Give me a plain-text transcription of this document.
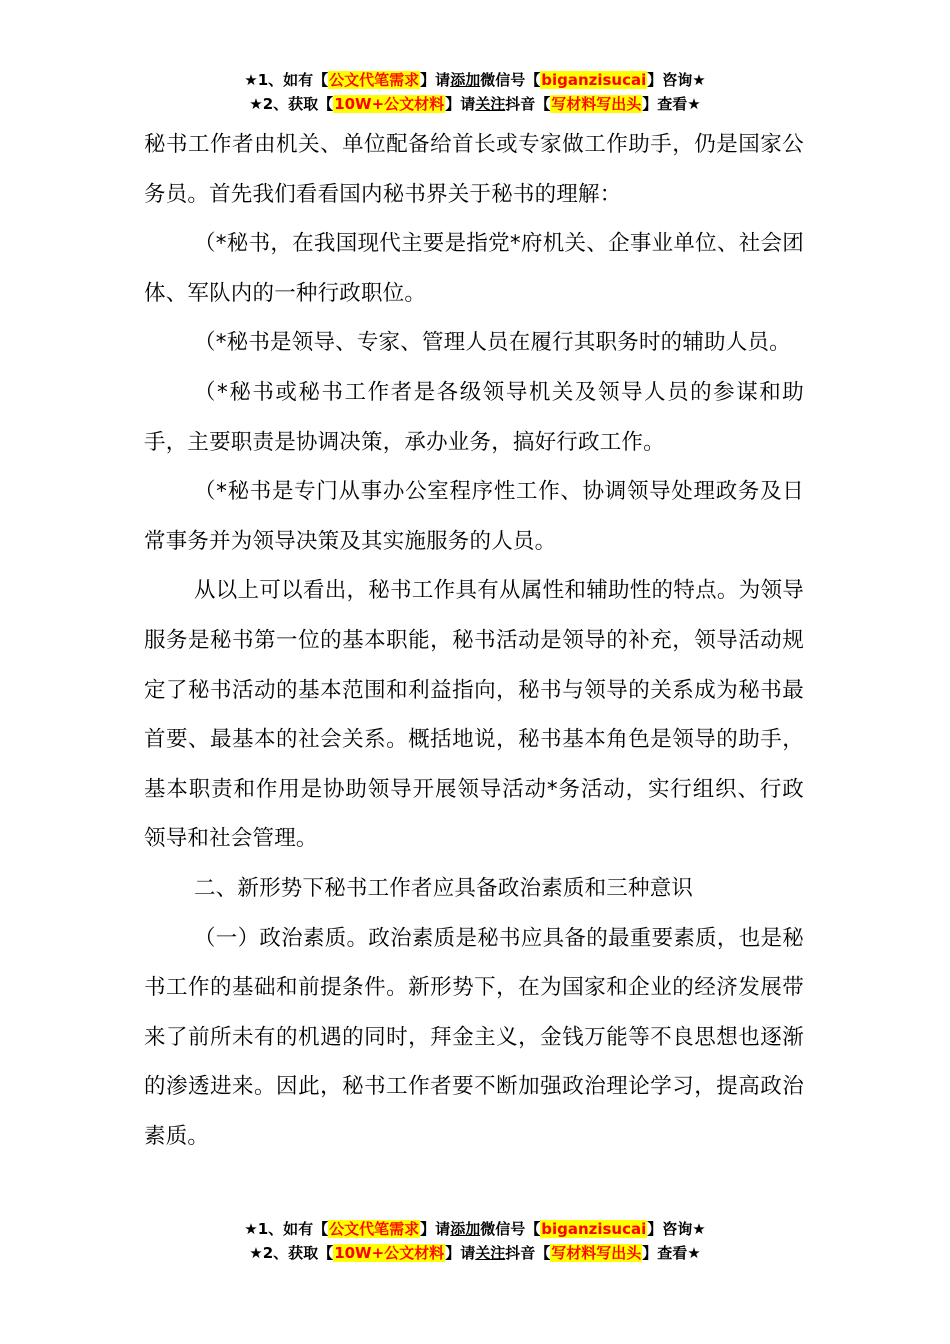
★1、如有【公文代笔需求】请添加微信号【biganzisucai】咨询★
★2、获取【10W+公文材料】请关注抖音【写材料写出头】查看★

秘书工作者由机关、单位配备给首长或专家做工作助手，仍是国家公务员。首先我们看看国内秘书界关于秘书的理解：

（*秘书，在我国现代主要是指党*府机关、企事业单位、社会团体、军队内的一种行政职位。

（*秘书是领导、专家、管理人员在履行其职务时的辅助人员。

（*秘书或秘书工作者是各级领导机关及领导人员的参谋和助手，主要职责是协调决策，承办业务，搞好行政工作。

（*秘书是专门从事办公室程序性工作、协调领导处理政务及日常事务并为领导决策及其实施服务的人员。

从以上可以看出，秘书工作具有从属性和辅助性的特点。为领导服务是秘书第一位的基本职能，秘书活动是领导的补充，领导活动规定了秘书活动的基本范围和利益指向，秘书与领导的关系成为秘书最首要、最基本的社会关系。概括地说，秘书基本角色是领导的助手，基本职责和作用是协助领导开展领导活动*务活动，实行组织、行政领导和社会管理。

二、新形势下秘书工作者应具备政治素质和三种意识

（一）政治素质。政治素质是秘书应具备的最重要素质，也是秘书工作的基础和前提条件。新形势下，在为国家和企业的经济发展带来了前所未有的机遇的同时，拜金主义，金钱万能等不良思想也逐渐的渗透进来。因此，秘书工作者要不断加强政治理论学习，提高政治素质。

★1、如有【公文代笔需求】请添加微信号【biganzisucai】咨询★
★2、获取【10W+公文材料】请关注抖音【写材料写出头】查看★
